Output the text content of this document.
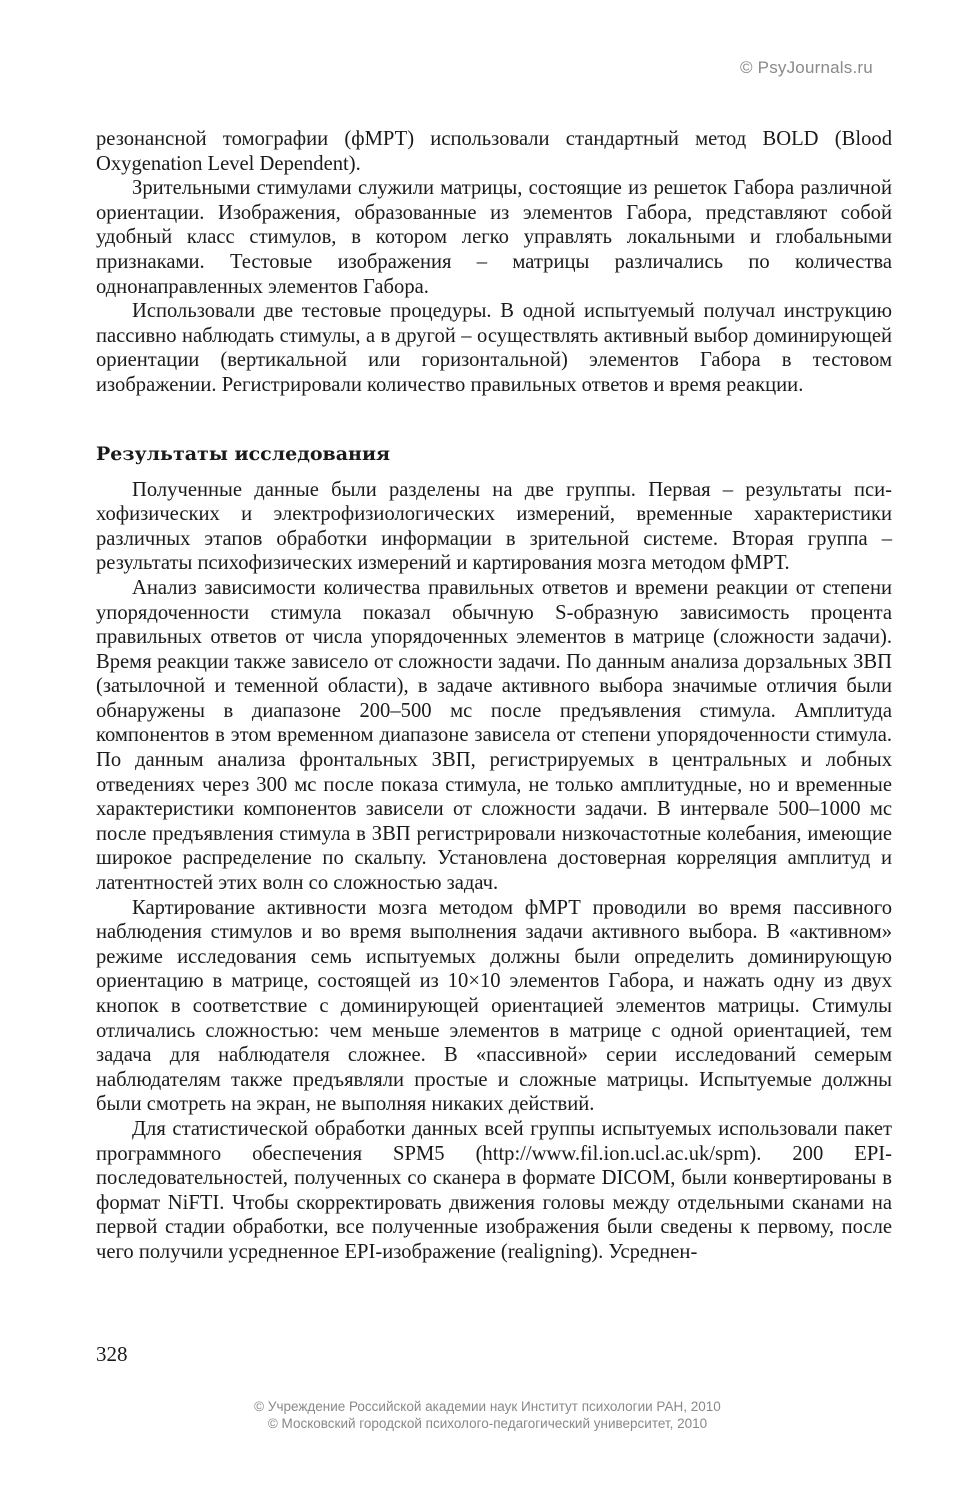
© PsyJournals.ru

резонансной томографии (фМРТ) использовали стандартный метод BOLD (Blood Oxygenation Level Dependent).

Зрительными стимулами служили матрицы, состоящие из решеток Габора различной ориентации. Изображения, образованные из элементов Габора, представляют собой удобный класс стимулов, в котором легко управлять локальными и глобальными признаками. Тестовые изображения – матрицы различались по количества однонаправленных элементов Габора.

Использовали две тестовые процедуры. В одной испытуемый получал инструкцию пассивно наблюдать стимулы, а в другой – осуществлять активный выбор доминирующей ориентации (вертикальной или горизонтальной) элементов Габора в тестовом изображении. Регистрировали количество правильных ответов и время реакции.

Результаты исследования

Полученные данные были разделены на две группы. Первая – результаты психофизических и электрофизиологических измерений, временные характеристики различных этапов обработки информации в зрительной системе. Вторая группа – результаты психофизических измерений и картирования мозга методом фМРТ.

Анализ зависимости количества правильных ответов и времени реакции от степени упорядоченности стимула показал обычную S-образную зависимость процента правильных ответов от числа упорядоченных элементов в матрице (сложности задачи). Время реакции также зависело от сложности задачи. По данным анализа дорзальных ЗВП (затылочной и теменной области), в задаче активного выбора значимые отличия были обнаружены в диапазоне 200–500 мс после предъявления стимула. Амплитуда компонентов в этом временном диапазоне зависела от степени упорядоченности стимула. По данным анализа фронтальных ЗВП, регистрируемых в центральных и лобных отведениях через 300 мс после показа стимула, не только амплитудные, но и временные характеристики компонентов зависели от сложности задачи. В интервале 500–1000 мс после предъявления стимула в ЗВП регистрировали низкочастотные колебания, имеющие широкое распределение по скальпу. Установлена достоверная корреляция амплитуд и латентностей этих волн со сложностью задач.

Картирование активности мозга методом фМРТ проводили во время пассивного наблюдения стимулов и во время выполнения задачи активного выбора. В «активном» режиме исследования семь испытуемых должны были определить доминирующую ориентацию в матрице, состоящей из 10×10 элементов Габора, и нажать одну из двух кнопок в соответствие с доминирующей ориентацией элементов матрицы. Стимулы отличались сложностью: чем меньше элементов в матрице с одной ориентацией, тем задача для наблюдателя сложнее. В «пассивной» серии исследований семерым наблюдателям также предъявляли простые и сложные матрицы. Испытуемые должны были смотреть на экран, не выполняя никаких действий.

Для статистической обработки данных всей группы испытуемых использовали пакет программного обеспечения SPM5 (http://www.fil.ion.ucl.ac.uk/spm). 200 EPI-последовательностей, полученных со сканера в формате DICOM, были конвертированы в формат NiFTI. Чтобы скорректировать движения головы между отдельными сканами на первой стадии обработки, все полученные изображения были сведены к первому, после чего получили усредненное EPI-изображение (realigning). Усреднен-

328
© Учреждение Российской академии наук Институт психологии РАН, 2010
© Московский городской психолого-педагогический университет, 2010
